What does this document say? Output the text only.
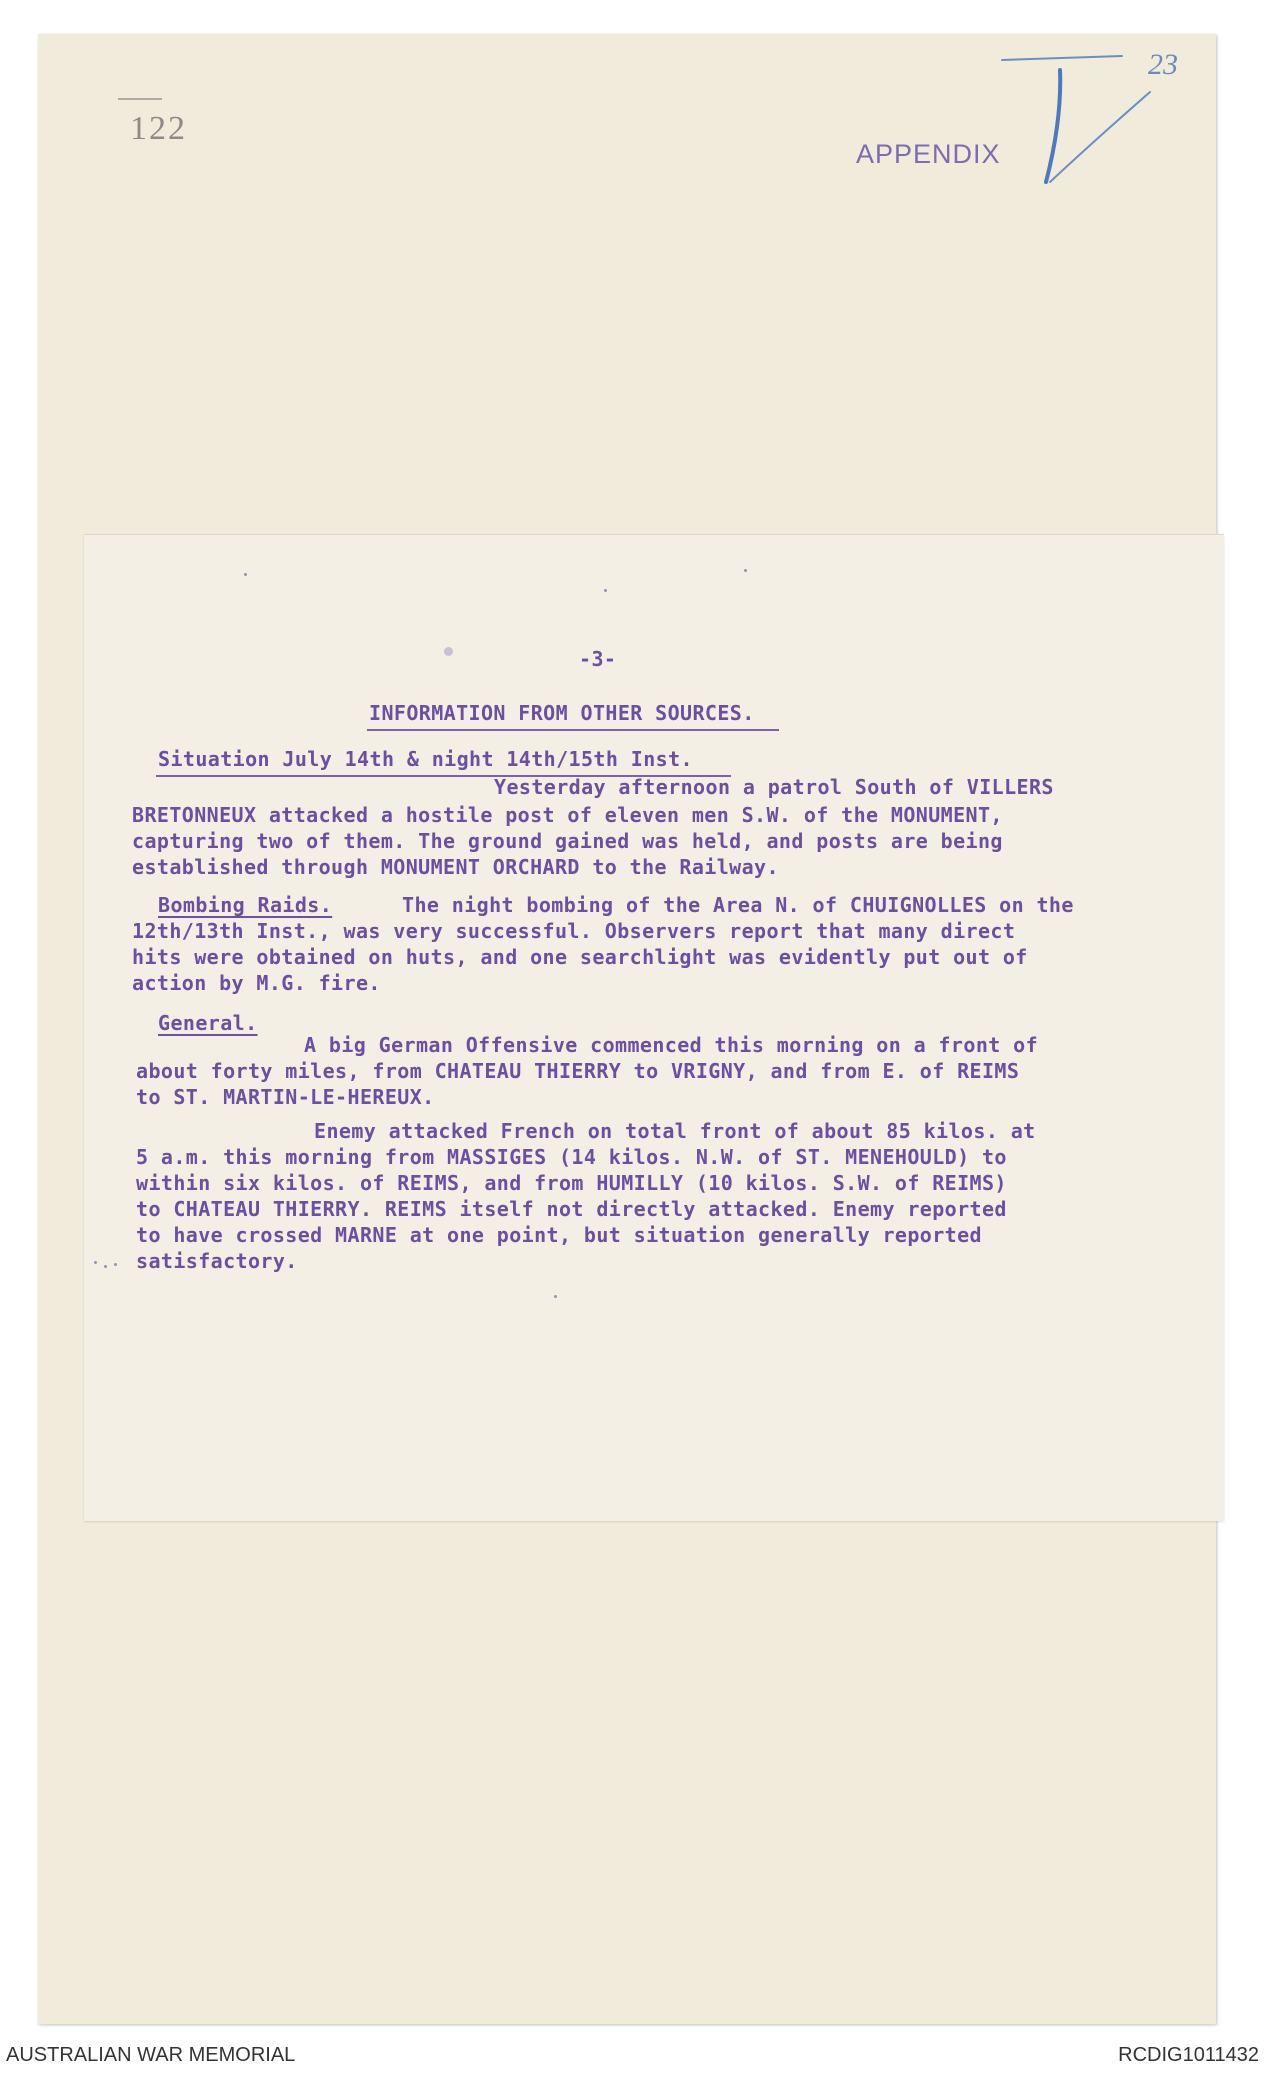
122
APPENDIX
23
-3-
INFORMATION FROM OTHER SOURCES.
Situation July 14th & night 14th/15th Inst.
Yesterday afternoon a patrol South of VILLERS
BRETONNEUX attacked a hostile post of eleven men S.W. of the MONUMENT,
capturing two of them. The ground gained was held, and posts are being
established through MONUMENT ORCHARD to the Railway.
Bombing Raids.	The night bombing of the Area N. of CHUIGNOLLES on the
12th/13th Inst., was very successful. Observers report that many direct
hits were obtained on huts, and one searchlight was evidently put out of
action by M.G. fire.
General.
A big German Offensive commenced this morning on a front of
about forty miles, from CHATEAU THIERRY to VRIGNY, and from E. of REIMS
to ST. MARTIN-LE-HEREUX.
Enemy attacked French on total front of about 85 kilos. at
5 a.m. this morning from MASSIGES (14 kilos. N.W. of ST. MENEHOULD) to
within six kilos. of REIMS, and from HUMILLY (10 kilos. S.W. of REIMS)
to CHATEAU THIERRY. REIMS itself not directly attacked. Enemy reported
to have crossed MARNE at one point, but situation generally reported
satisfactory.
AUSTRALIAN WAR MEMORIAL	RCDIG1011432
